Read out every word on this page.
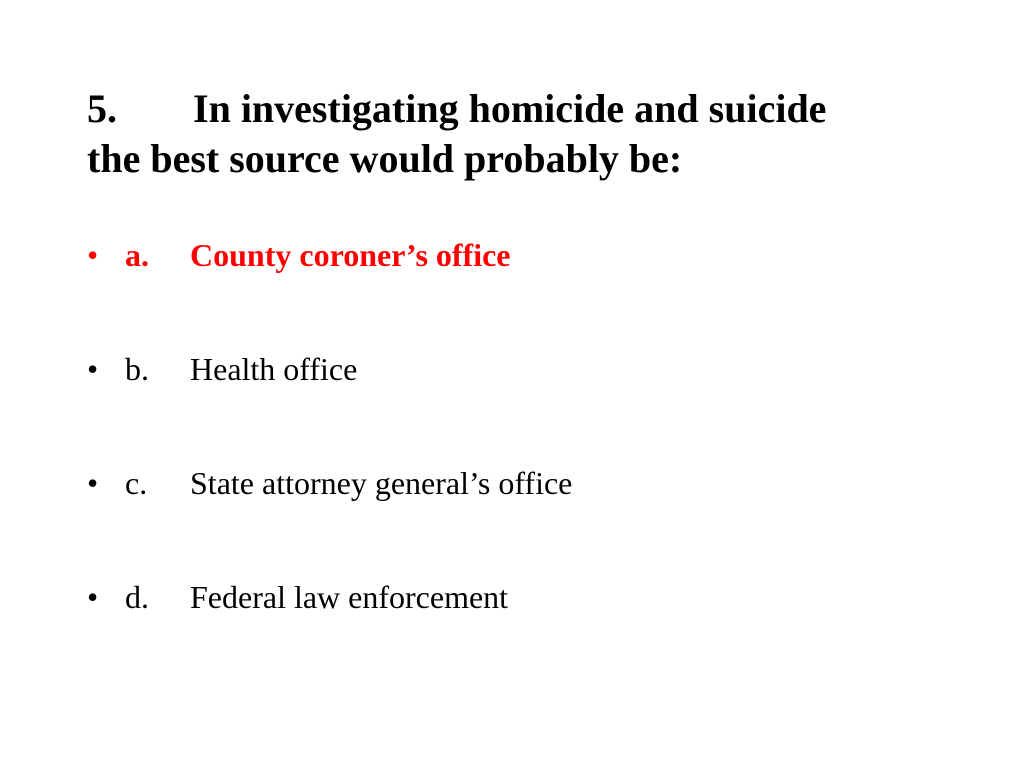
5. In investigating homicide and suicide
the best source would probably be:
• a. County coroner’s office
• b. Health office
• c. State attorney general’s office
• d. Federal law enforcement
